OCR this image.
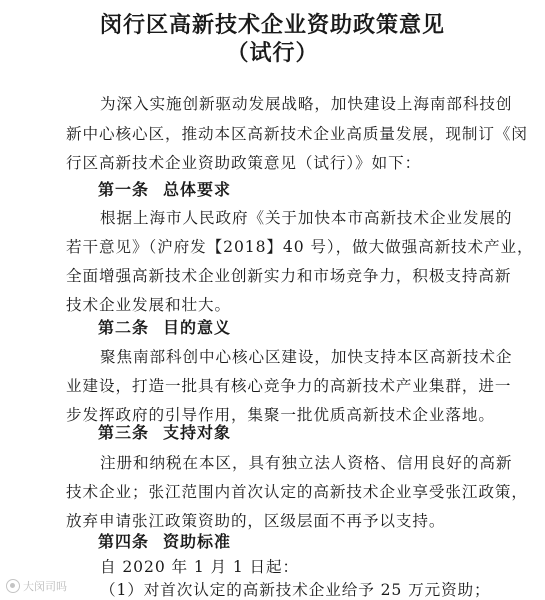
闵行区高新技术企业资助政策意见
（试行）
为深入实施创新驱动发展战略，加快建设上海南部科技创
新中心核心区，推动本区高新技术企业高质量发展，现制订《闵
行区高新技术企业资助政策意见（试行）》如下：
第一条 总体要求
根据上海市人民政府《关于加快本市高新技术企业发展的
若干意见》（沪府发【2018】40 号），做大做强高新技术产业，
全面增强高新技术企业创新实力和市场竞争力，积极支持高新
技术企业发展和壮大。
第二条 目的意义
聚焦南部科创中心核心区建设，加快支持本区高新技术企
业建设，打造一批具有核心竞争力的高新技术产业集群，进一
步发挥政府的引导作用，集聚一批优质高新技术企业落地。
第三条 支持对象
注册和纳税在本区，具有独立法人资格、信用良好的高新
技术企业；张江范围内首次认定的高新技术企业享受张江政策，
放弃申请张江政策资助的，区级层面不再予以支持。
第四条 资助标准
自 2020 年 1 月 1 日起：
（1）对首次认定的高新技术企业给予 25 万元资助；
大闵司吗
